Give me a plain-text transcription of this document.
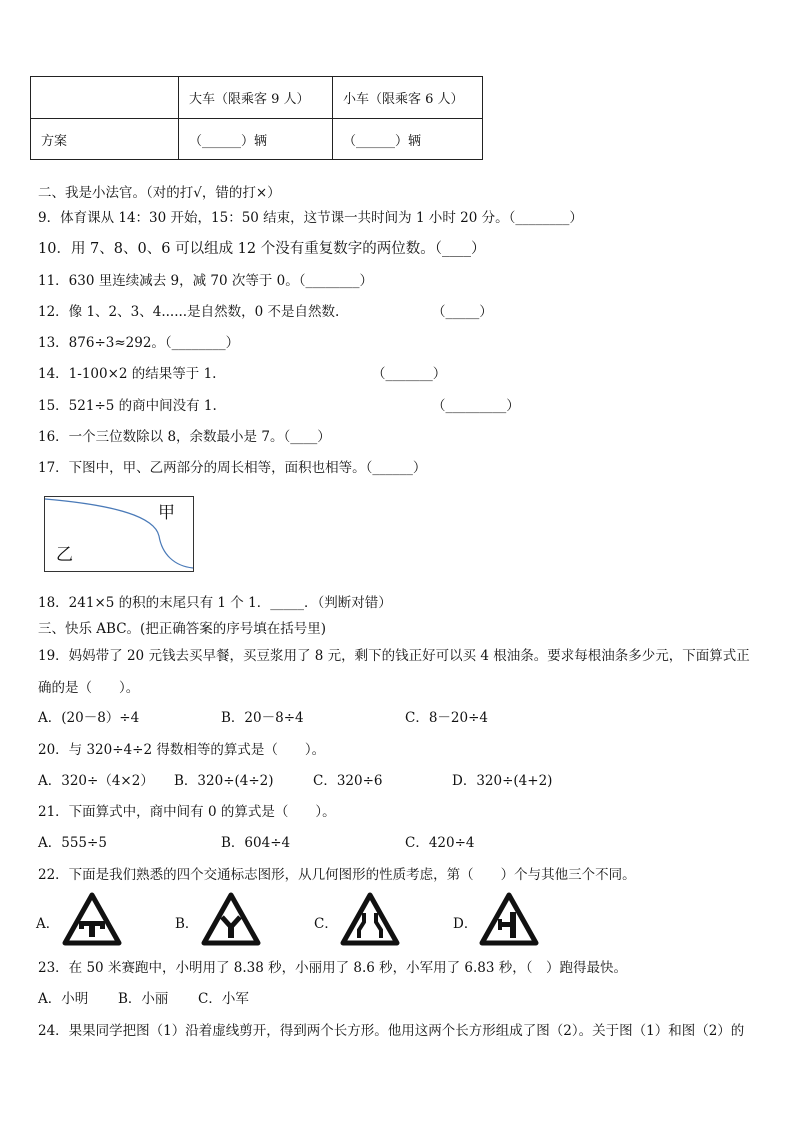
	大车（限乘客 9 人）	小车（限乘客 6 人）
方案	（______）辆	（______）辆
二、我是小法官。（对的打√，错的打×）
9．体育课从 14：30 开始，15：50 结束，这节课一共时间为 1 小时 20 分。（________）
10．用 7、8、0、6 可以组成 12 个没有重复数字的两位数。（____）
11．630 里连续减去 9，减 70 次等于 0。（________）
12．像 1、2、3、4......是自然数，0 不是自然数.	（_____）
13．876÷3≈292。（________）
14．1-100×2 的结果等于 1.	（_______）
15．521÷5 的商中间没有 1.	（_________）
16．一个三位数除以 8，余数最小是 7。（____）
17．下图中，甲、乙两部分的周长相等，面积也相等。（______）
甲
乙
18．241×5 的积的末尾只有 1 个 1．_____．（判断对错）
三、快乐 ABC。(把正确答案的序号填在括号里)
19．妈妈带了 20 元钱去买早餐，买豆浆用了 8 元，剩下的钱正好可以买 4 根油条。要求每根油条多少元，下面算式正
确的是（　　）。
A．(20－8）÷4	B．20－8÷4	C．8－20÷4
20．与 320÷4÷2 得数相等的算式是（　　）。
A．320÷（4×2） B．320÷(4÷2)	C．320÷6	D．320÷(4+2)
21．下面算式中，商中间有 0 的算式是（　　）。
A．555÷5	B．604÷4	C．420÷4
22．下面是我们熟悉的四个交通标志图形，从几何图形的性质考虑，第（　　）个与其他三个不同。
A．	B．	C．	D．
23．在 50 米赛跑中，小明用了 8.38 秒，小丽用了 8.6 秒，小军用了 6.83 秒，（　）跑得最快。
A．小明 B．小丽 C．小军
24．果果同学把图（1）沿着虚线剪开，得到两个长方形。他用这两个长方形组成了图（2）。关于图（1）和图（2）的
